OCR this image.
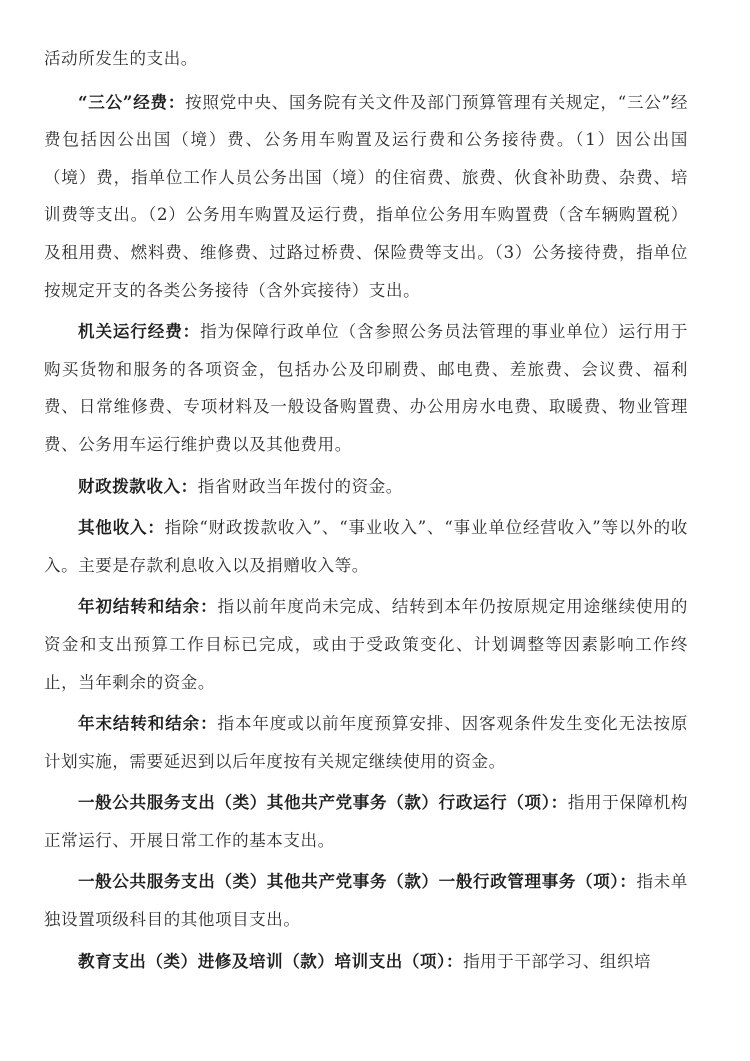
活动所发生的支出。

“三公”经费：按照党中央、国务院有关文件及部门预算管理有关规定，“三公”经费包括因公出国（境）费、公务用车购置及运行费和公务接待费。（1）因公出国（境）费，指单位工作人员公务出国（境）的住宿费、旅费、伙食补助费、杂费、培训费等支出。（2）公务用车购置及运行费，指单位公务用车购置费（含车辆购置税）及租用费、燃料费、维修费、过路过桥费、保险费等支出。（3）公务接待费，指单位按规定开支的各类公务接待（含外宾接待）支出。

机关运行经费：指为保障行政单位（含参照公务员法管理的事业单位）运行用于购买货物和服务的各项资金，包括办公及印刷费、邮电费、差旅费、会议费、福利费、日常维修费、专项材料及一般设备购置费、办公用房水电费、取暖费、物业管理费、公务用车运行维护费以及其他费用。

财政拨款收入：指省财政当年拨付的资金。

其他收入：指除“财政拨款收入”、“事业收入”、“事业单位经营收入”等以外的收入。主要是存款利息收入以及捐赠收入等。

年初结转和结余：指以前年度尚未完成、结转到本年仍按原规定用途继续使用的资金和支出预算工作目标已完成，或由于受政策变化、计划调整等因素影响工作终止，当年剩余的资金。

年末结转和结余：指本年度或以前年度预算安排、因客观条件发生变化无法按原计划实施，需要延迟到以后年度按有关规定继续使用的资金。

一般公共服务支出（类）其他共产党事务（款）行政运行（项）：指用于保障机构正常运行、开展日常工作的基本支出。

一般公共服务支出（类）其他共产党事务（款）一般行政管理事务（项）：指未单独设置项级科目的其他项目支出。

教育支出（类）进修及培训（款）培训支出（项）：指用于干部学习、组织培
